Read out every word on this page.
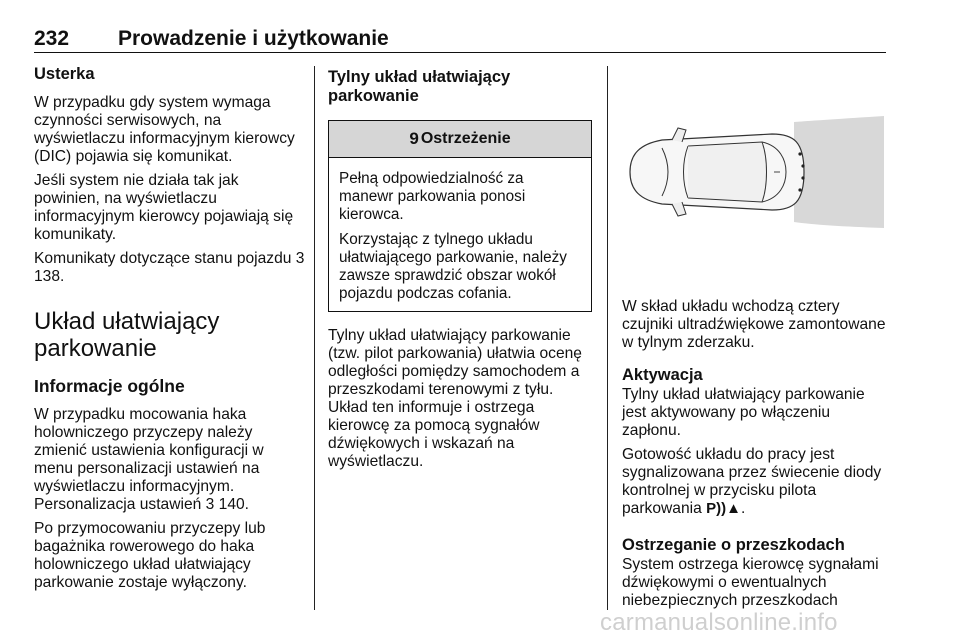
232 Prowadzenie i użytkowanie
Usterka

W przypadku gdy system wymaga czynności serwisowych, na wyświetlaczu informacyjnym kierowcy (DIC) pojawia się komunikat.

Jeśli system nie działa tak jak powinien, na wyświetlaczu informacyjnym kierowcy pojawiają się komunikaty.

Komunikaty dotyczące stanu pojazdu 3 138.

Układ ułatwiający parkowanie
Informacje ogólne

W przypadku mocowania haka holowniczego przyczepy należy zmienić ustawienia konfiguracji w menu personalizacji ustawień na wyświetlaczu informacyjnym. Personalizacja ustawień 3 140.

Po przymocowaniu przyczepy lub bagażnika rowerowego do haka holowniczego układ ułatwiający parkowanie zostaje wyłączony.

Tylny układ ułatwiający parkowanie
9 Ostrzeżenie

Pełną odpowiedzialność za manewr parkowania ponosi kierowca.

Korzystając z tylnego układu ułatwiającego parkowanie, należy zawsze sprawdzić obszar wokół pojazdu podczas cofania.

Tylny układ ułatwiający parkowanie (tzw. pilot parkowania) ułatwia ocenę odległości pomiędzy samochodem a przeszkodami terenowymi z tyłu. Układ ten informuje i ostrzega kierowcę za pomocą sygnałów dźwiękowych i wskazań na wyświetlaczu.

W skład układu wchodzą cztery czujniki ultradźwiękowe zamontowane w tylnym zderzaku.

Aktywacja

Tylny układ ułatwiający parkowanie jest aktywowany po włączeniu zapłonu.

Gotowość układu do pracy jest sygnalizowana przez świecenie diody kontrolnej w przycisku pilota parkowania P))▲.

Ostrzeganie o przeszkodach

System ostrzega kierowcę sygnałami dźwiękowymi o ewentualnych niebezpiecznych przeszkodach

carmanualsonline.info
